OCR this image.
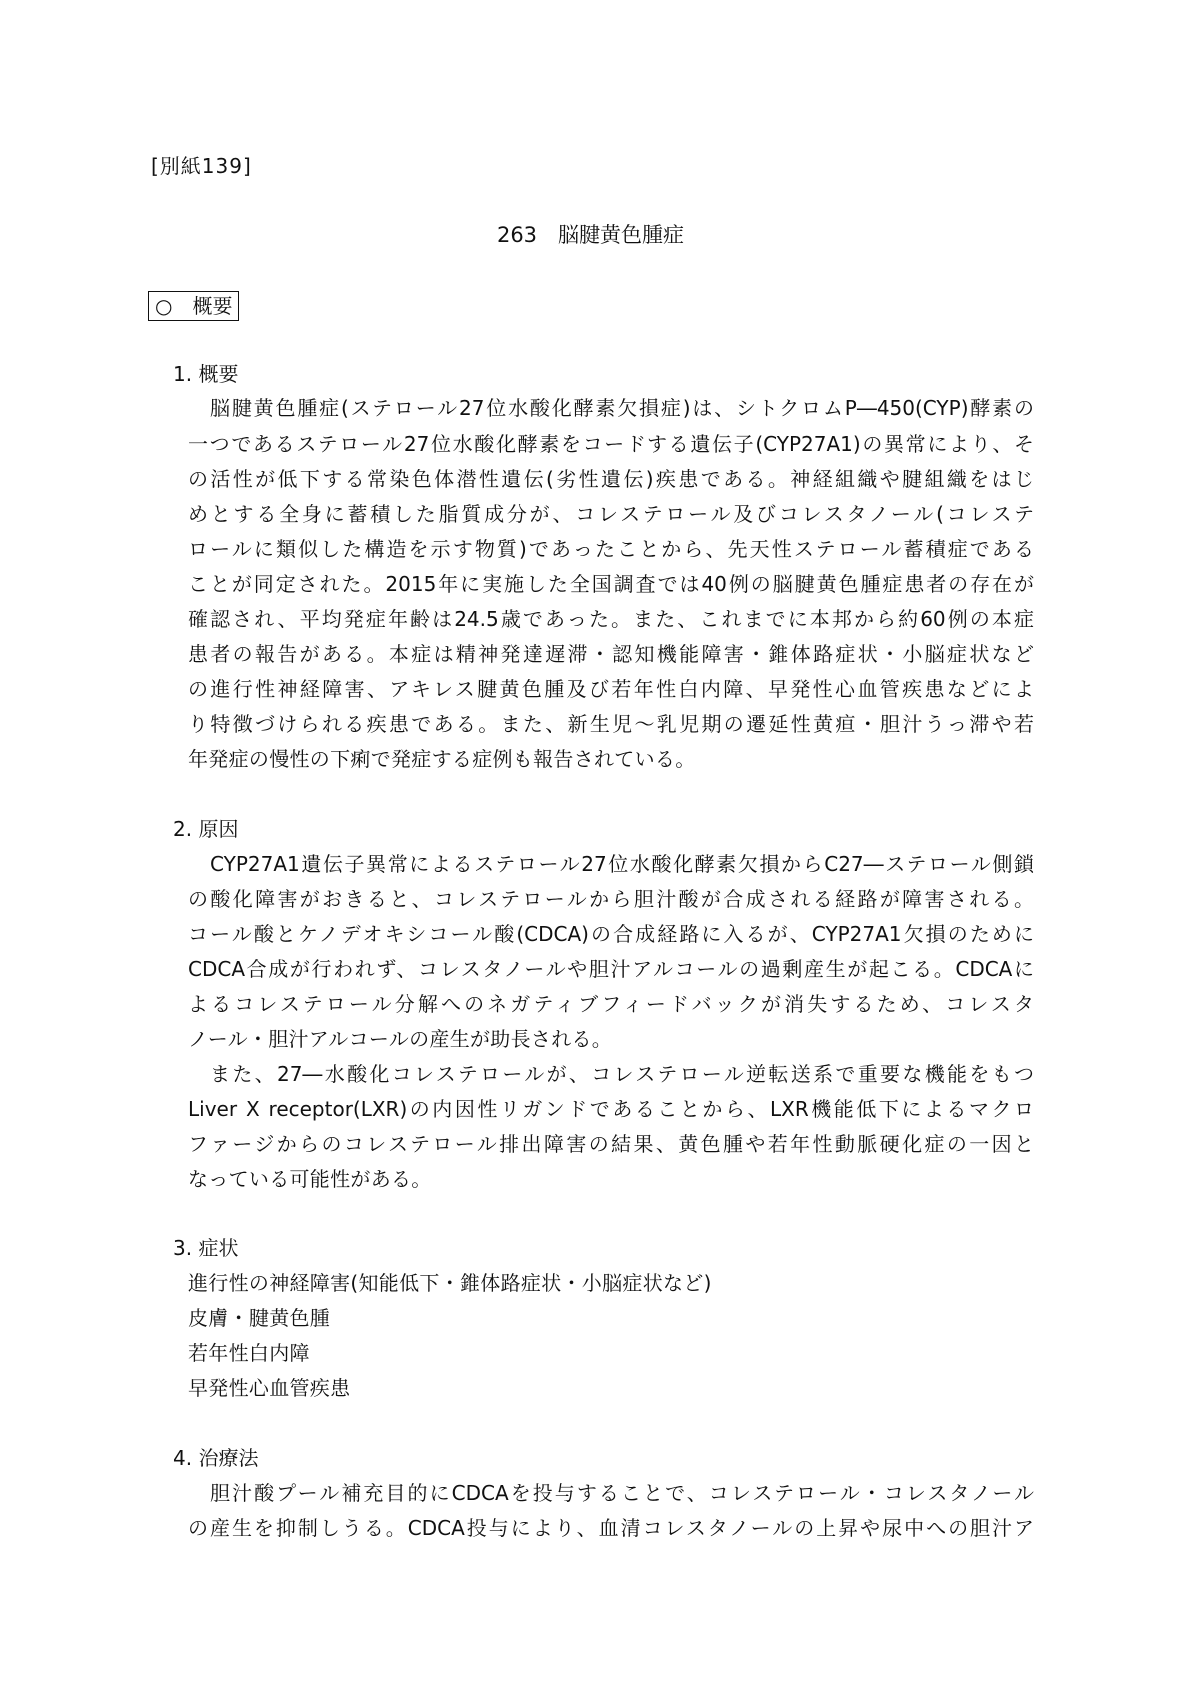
[別紙139]
263　脳腱黄色腫症
○　概要
1. 概要
脳腱黄色腫症(ステロール27位水酸化酵素欠損症)は、シトクロムP―450(CYP)酵素の
一つであるステロール27位水酸化酵素をコードする遺伝子(CYP27A1)の異常により、そ
の活性が低下する常染色体潜性遺伝(劣性遺伝)疾患である。神経組織や腱組織をはじ
めとする全身に蓄積した脂質成分が、コレステロール及びコレスタノール(コレステ
ロールに類似した構造を示す物質)であったことから、先天性ステロール蓄積症である
ことが同定された。2015年に実施した全国調査では40例の脳腱黄色腫症患者の存在が
確認され、平均発症年齢は24.5歳であった。また、これまでに本邦から約60例の本症
患者の報告がある。本症は精神発達遅滞・認知機能障害・錐体路症状・小脳症状など
の進行性神経障害、アキレス腱黄色腫及び若年性白内障、早発性心血管疾患などによ
り特徴づけられる疾患である。また、新生児～乳児期の遷延性黄疸・胆汁うっ滞や若
年発症の慢性の下痢で発症する症例も報告されている。
2. 原因
CYP27A1遺伝子異常によるステロール27位水酸化酵素欠損からC27―ステロール側鎖
の酸化障害がおきると、コレステロールから胆汁酸が合成される経路が障害される。
コール酸とケノデオキシコール酸(CDCA)の合成経路に入るが、CYP27A1欠損のために
CDCA合成が行われず、コレスタノールや胆汁アルコールの過剰産生が起こる。CDCAに
よるコレステロール分解へのネガティブフィードバックが消失するため、コレスタ
ノール・胆汁アルコールの産生が助長される。
また、27―水酸化コレステロールが、コレステロール逆転送系で重要な機能をもつ
Liver X receptor(LXR)の内因性リガンドであることから、LXR機能低下によるマクロ
ファージからのコレステロール排出障害の結果、黄色腫や若年性動脈硬化症の一因と
なっている可能性がある。
3. 症状
進行性の神経障害(知能低下・錐体路症状・小脳症状など)
皮膚・腱黄色腫
若年性白内障
早発性心血管疾患
4. 治療法
胆汁酸プール補充目的にCDCAを投与することで、コレステロール・コレスタノール
の産生を抑制しうる。CDCA投与により、血清コレスタノールの上昇や尿中への胆汁ア
